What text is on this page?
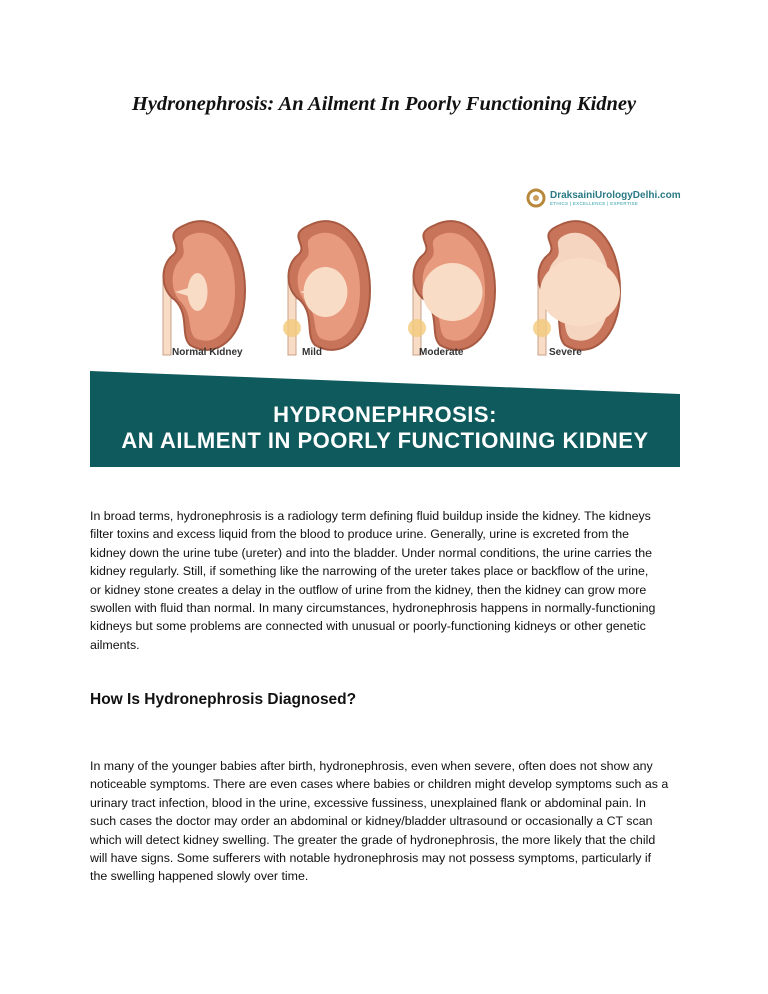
Hydronephrosis: An Ailment In Poorly Functioning Kidney
DraksainiUrologyDelhi.com
ETHICS | EXCELLENCE | EXPERTISE
Normal Kidney	Mild	Moderate	Severe
HYDRONEPHROSIS:
AN AILMENT IN POORLY FUNCTIONING KIDNEY
In broad terms, hydronephrosis is a radiology term defining fluid buildup inside the kidney. The kidneys
filter toxins and excess liquid from the blood to produce urine. Generally, urine is excreted from the
kidney down the urine tube (ureter) and into the bladder. Under normal conditions, the urine carries the
kidney regularly. Still, if something like the narrowing of the ureter takes place or backflow of the urine,
or kidney stone creates a delay in the outflow of urine from the kidney, then the kidney can grow more
swollen with fluid than normal. In many circumstances, hydronephrosis happens in normally-functioning
kidneys but some problems are connected with unusual or poorly-functioning kidneys or other genetic
ailments.
How Is Hydronephrosis Diagnosed?
In many of the younger babies after birth, hydronephrosis, even when severe, often does not show any
noticeable symptoms. There are even cases where babies or children might develop symptoms such as a
urinary tract infection, blood in the urine, excessive fussiness, unexplained flank or abdominal pain. In
such cases the doctor may order an abdominal or kidney/bladder ultrasound or occasionally a CT scan
which will detect kidney swelling. The greater the grade of hydronephrosis, the more likely that the child
will have signs. Some sufferers with notable hydronephrosis may not possess symptoms, particularly if
the swelling happened slowly over time.
